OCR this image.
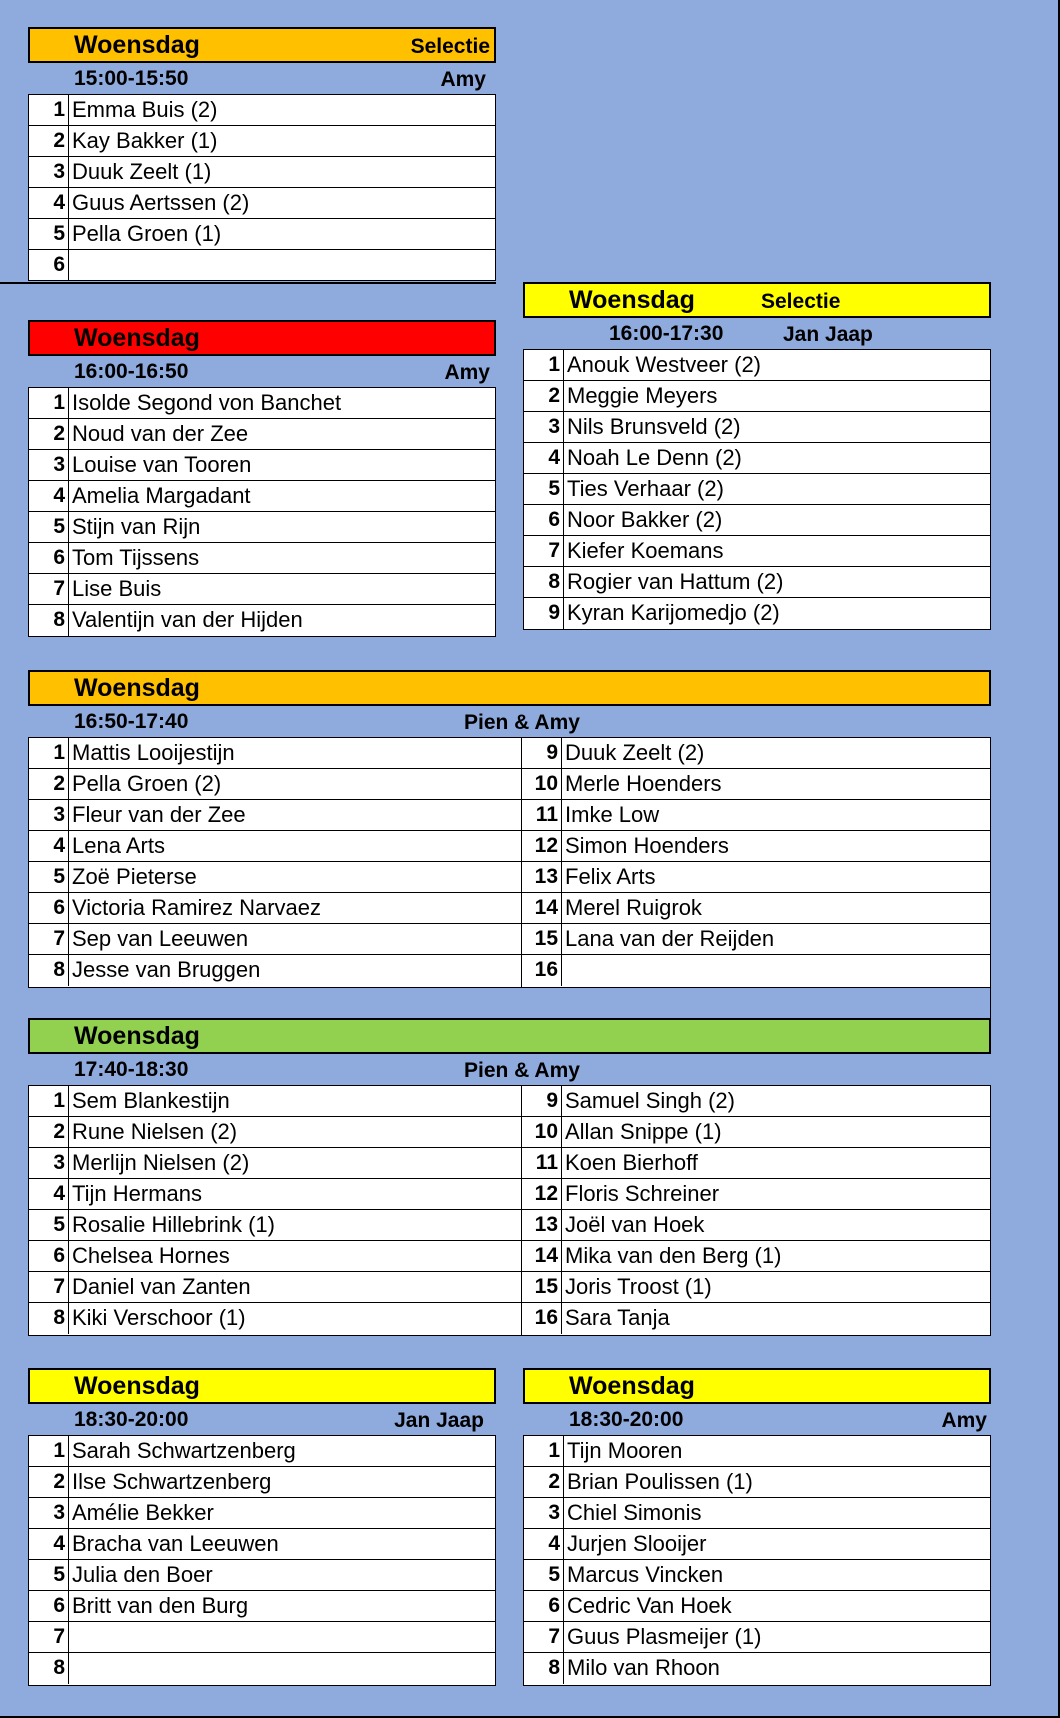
Woensdag	Selectie
15:00-15:50	Amy
1 Emma Buis (2)
2 Kay Bakker (1)
3 Duuk Zeelt (1)
4 Guus Aertssen (2)
5 Pella Groen (1)
6
Woensdag	Selectie
16:00-17:30	Jan Jaap
1 Anouk Westveer (2)
2 Meggie Meyers
3 Nils Brunsveld (2)
4 Noah Le Denn (2)
5 Ties Verhaar (2)
6 Noor Bakker (2)
7 Kiefer Koemans
8 Rogier van Hattum (2)
9 Kyran Karijomedjo (2)
Woensdag
16:00-16:50	Amy
1 Isolde Segond von Banchet
2 Noud van der Zee
3 Louise van Tooren
4 Amelia Margadant
5 Stijn van Rijn
6 Tom Tijssens
7 Lise Buis
8 Valentijn van der Hijden
Woensdag
16:50-17:40	Pien & Amy
1 Mattis Looijestijn
2 Pella Groen (2)
3 Fleur van der Zee
4 Lena Arts
5 Zoë Pieterse
6 Victoria Ramirez Narvaez
7 Sep van Leeuwen
8 Jesse van Bruggen
9 Duuk Zeelt (2)
10 Merle Hoenders
11 Imke Low
12 Simon Hoenders
13 Felix Arts
14 Merel Ruigrok
15 Lana van der Reijden
16
Woensdag
17:40-18:30	Pien & Amy
1 Sem Blankestijn
2 Rune Nielsen (2)
3 Merlijn Nielsen (2)
4 Tijn Hermans
5 Rosalie Hillebrink (1)
6 Chelsea Hornes
7 Daniel van Zanten
8 Kiki Verschoor (1)
9 Samuel Singh (2)
10 Allan Snippe (1)
11 Koen Bierhoff
12 Floris Schreiner
13 Joël van Hoek
14 Mika van den Berg (1)
15 Joris Troost (1)
16 Sara Tanja
Woensdag
18:30-20:00	Jan Jaap
1 Sarah Schwartzenberg
2 Ilse Schwartzenberg
3 Amélie Bekker
4 Bracha van Leeuwen
5 Julia den Boer
6 Britt van den Burg
7
8
Woensdag
18:30-20:00	Amy
1 Tijn Mooren
2 Brian Poulissen (1)
3 Chiel Simonis
4 Jurjen Slooijer
5 Marcus Vincken
6 Cedric Van Hoek
7 Guus Plasmeijer (1)
8 Milo van Rhoon
